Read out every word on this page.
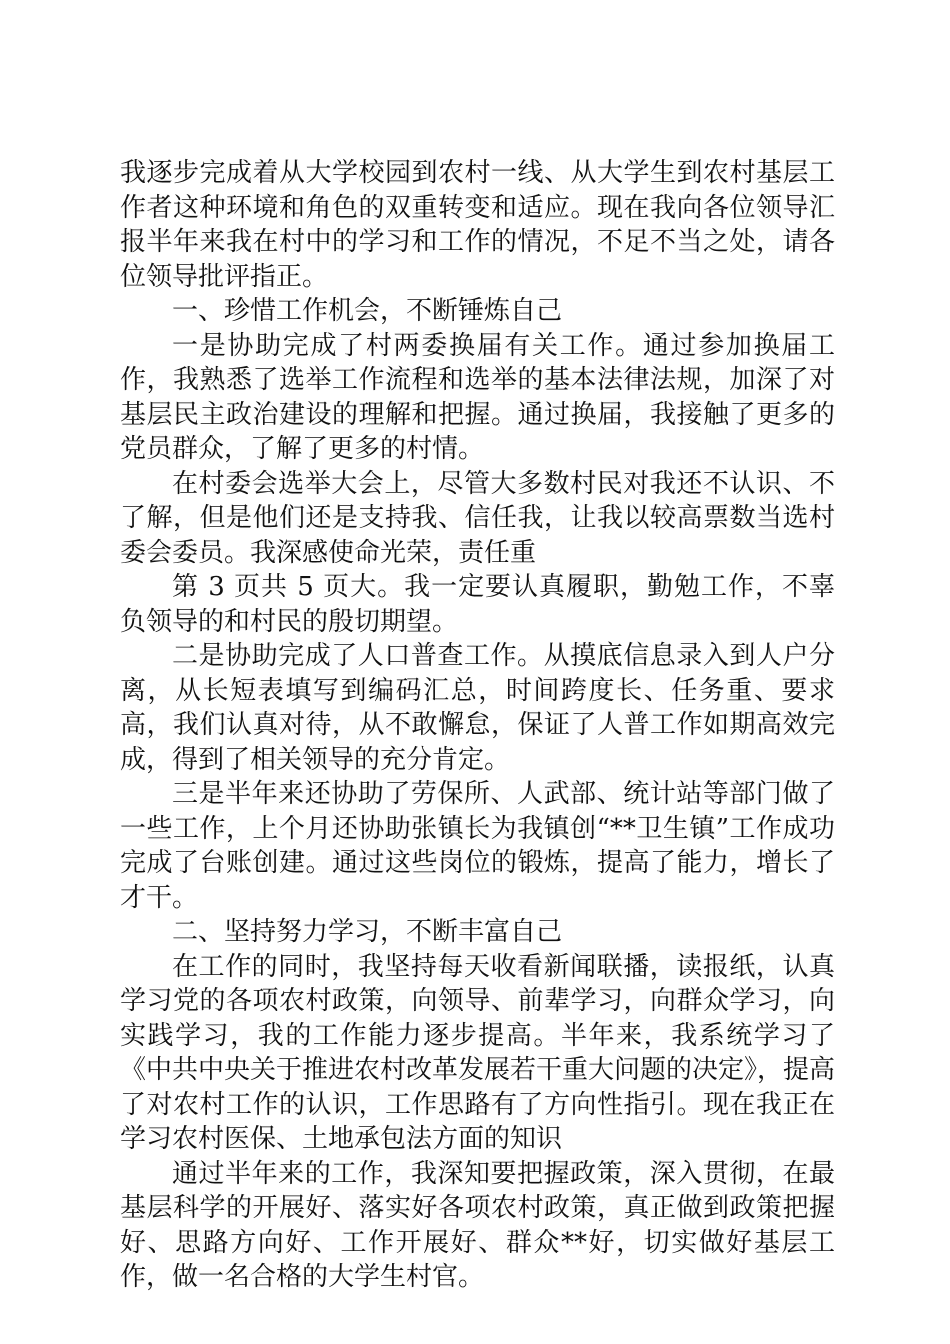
我逐步完成着从大学校园到农村一线、从大学生到农村基层工作者这种环境和角色的双重转变和适应。现在我向各位领导汇报半年来我在村中的学习和工作的情况，不足不当之处，请各位领导批评指正。

一、珍惜工作机会，不断锤炼自己

一是协助完成了村两委换届有关工作。通过参加换届工作，我熟悉了选举工作流程和选举的基本法律法规，加深了对基层民主政治建设的理解和把握。通过换届，我接触了更多的党员群众，了解了更多的村情。

在村委会选举大会上，尽管大多数村民对我还不认识、不了解，但是他们还是支持我、信任我，让我以较高票数当选村委会委员。我深感使命光荣，责任重

第 3 页共 5 页大。我一定要认真履职，勤勉工作，不辜负领导的和村民的殷切期望。

二是协助完成了人口普查工作。从摸底信息录入到人户分离，从长短表填写到编码汇总，时间跨度长、任务重、要求高，我们认真对待，从不敢懈怠，保证了人普工作如期高效完成，得到了相关领导的充分肯定。

三是半年来还协助了劳保所、人武部、统计站等部门做了一些工作，上个月还协助张镇长为我镇创“**卫生镇”工作成功完成了台账创建。通过这些岗位的锻炼，提高了能力，增长了才干。

二、坚持努力学习，不断丰富自己

在工作的同时，我坚持每天收看新闻联播，读报纸，认真学习党的各项农村政策，向领导、前辈学习，向群众学习，向实践学习，我的工作能力逐步提高。半年来，我系统学习了《中共中央关于推进农村改革发展若干重大问题的决定》，提高了对农村工作的认识，工作思路有了方向性指引。现在我正在学习农村医保、土地承包法方面的知识

通过半年来的工作，我深知要把握政策，深入贯彻，在最基层科学的开展好、落实好各项农村政策，真正做到政策把握好、思路方向好、工作开展好、群众**好，切实做好基层工作，做一名合格的大学生村官。
